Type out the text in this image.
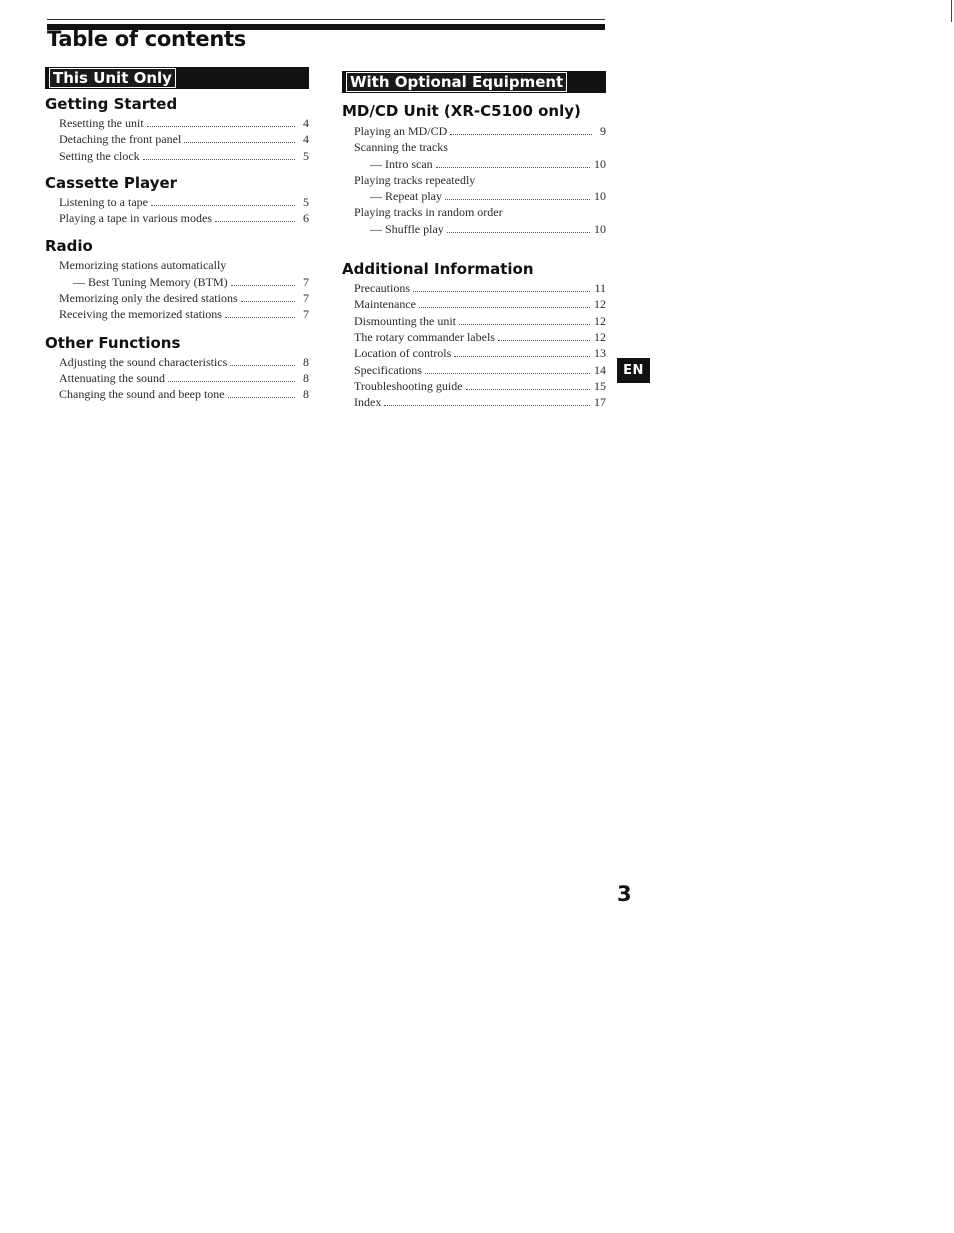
Table of contents
This Unit Only
Getting Started
Resetting the unit	4
Detaching the front panel	4
Setting the clock	5
Cassette Player
Listening to a tape	5
Playing a tape in various modes	6
Radio
Memorizing stations automatically
— Best Tuning Memory (BTM)	7
Memorizing only the desired stations	7
Receiving the memorized stations	7
Other Functions
Adjusting the sound characteristics	8
Attenuating the sound	8
Changing the sound and beep tone	8
With Optional Equipment
MD/CD Unit (XR-C5100 only)
Playing an MD/CD	9
Scanning the tracks
— Intro scan	10
Playing tracks repeatedly
— Repeat play	10
Playing tracks in random order
— Shuffle play	10
Additional Information
Precautions	11
Maintenance	12
Dismounting the unit	12
The rotary commander labels	12
Location of controls	13
Specifications	14
Troubleshooting guide	15
Index	17
EN
3
